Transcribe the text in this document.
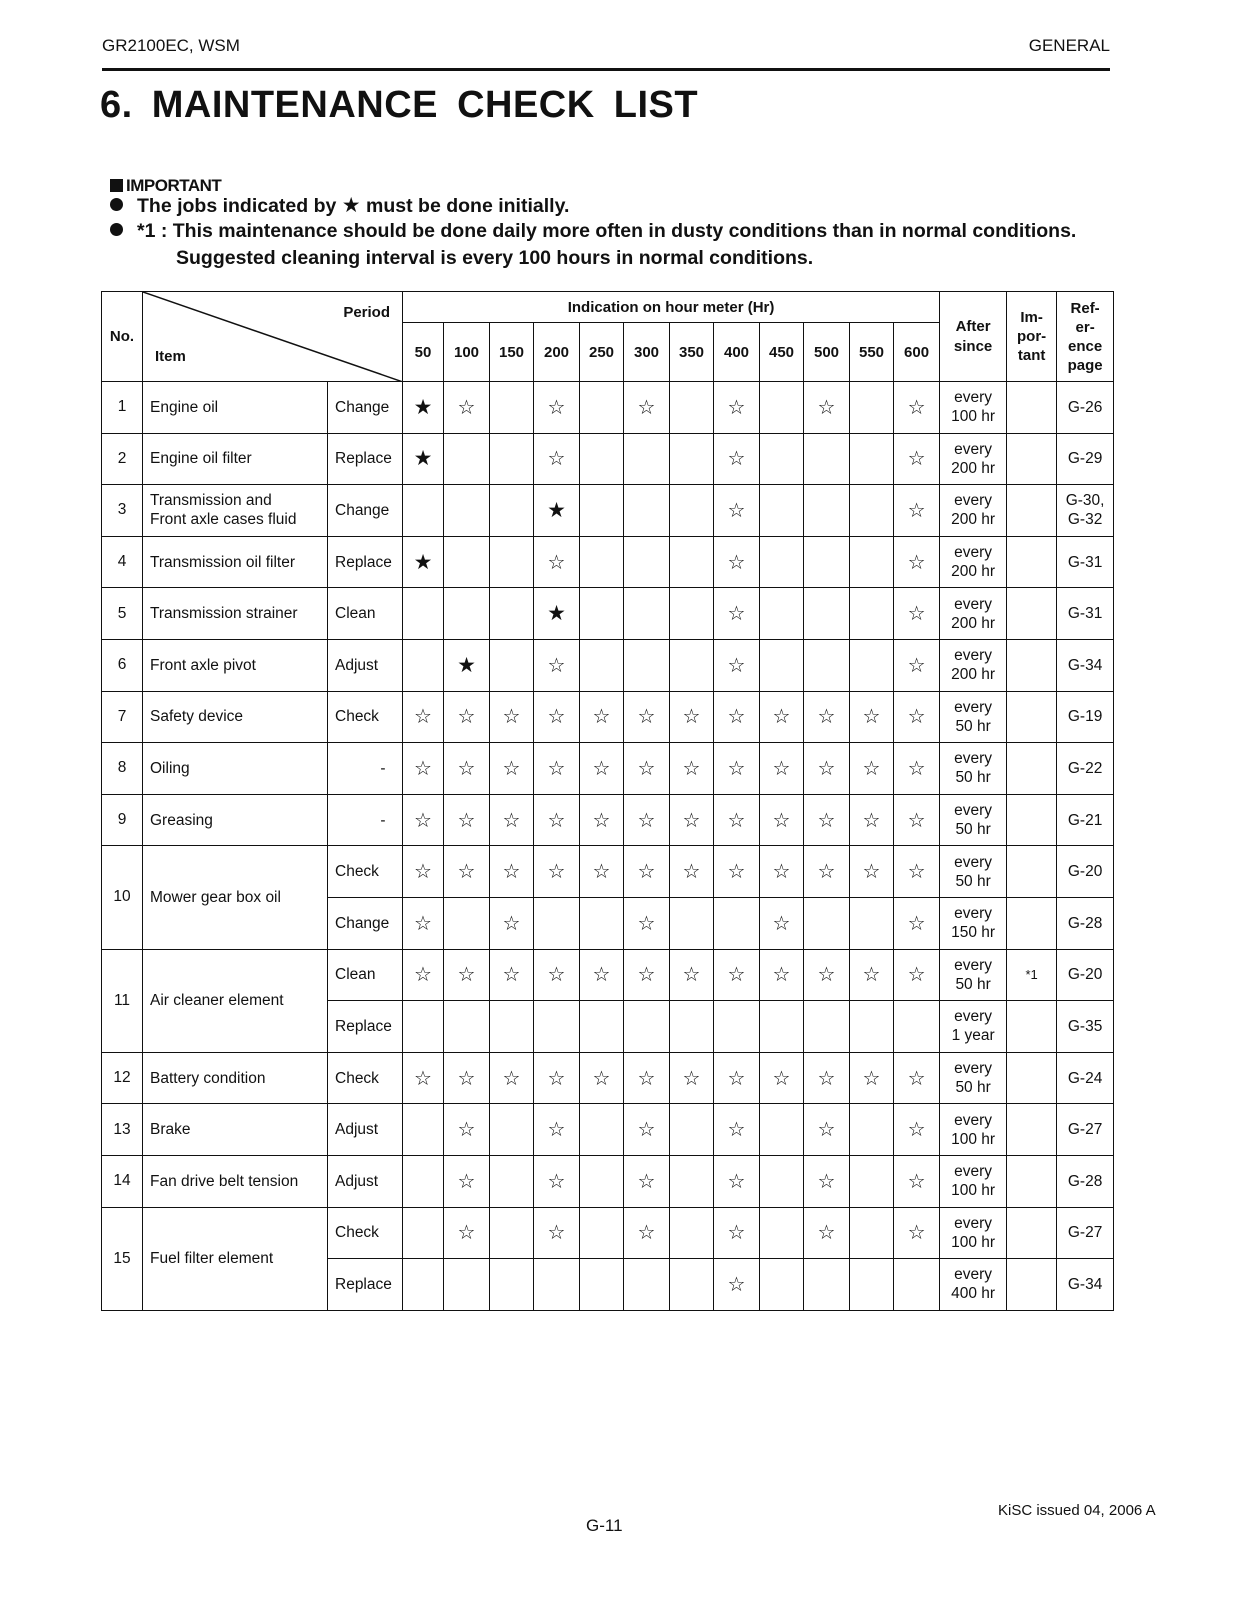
GR2100EC, WSM	GENERAL
6. MAINTENANCE CHECK LIST
IMPORTANT
The jobs indicated by ★ must be done initially.
*1 : This maintenance should be done daily more often in dusty conditions than in normal conditions.
Suggested cleaning interval is every 100 hours in normal conditions.
No.	Period
Item		Indication on hour meter (Hr)												After since	Im-
por-
tant	Ref-
er-
ence
page
			50	100	150	200	250	300	350	400	450	500	550	600			
1	Engine oil	Change	★	☆		☆		☆		☆		☆		☆	every
100 hr		G-26
2	Engine oil filter	Replace	★			☆				☆				☆	every
200 hr		G-29
3	Transmission and
Front axle cases fluid	Change				★				☆				☆	every
200 hr		G-30,
G-32
4	Transmission oil filter	Replace	★			☆				☆				☆	every
200 hr		G-31
5	Transmission strainer	Clean				★				☆				☆	every
200 hr		G-31
6	Front axle pivot	Adjust		★		☆				☆				☆	every
200 hr		G-34
7	Safety device	Check	☆	☆	☆	☆	☆	☆	☆	☆	☆	☆	☆	☆	every
50 hr		G-19
8	Oiling	-	☆	☆	☆	☆	☆	☆	☆	☆	☆	☆	☆	☆	every
50 hr		G-22
9	Greasing	-	☆	☆	☆	☆	☆	☆	☆	☆	☆	☆	☆	☆	every
50 hr		G-21
10	Mower gear box oil	Check	☆	☆	☆	☆	☆	☆	☆	☆	☆	☆	☆	☆	every
50 hr		G-20
		Change	☆		☆			☆			☆			☆	every
150 hr		G-28
11	Air cleaner element	Clean	☆	☆	☆	☆	☆	☆	☆	☆	☆	☆	☆	☆	every
50 hr	*1	G-20
		Replace													every
1 year		G-35
12	Battery condition	Check	☆	☆	☆	☆	☆	☆	☆	☆	☆	☆	☆	☆	every
50 hr		G-24
13	Brake	Adjust		☆		☆		☆		☆		☆		☆	every
100 hr		G-27
14	Fan drive belt tension	Adjust		☆		☆		☆		☆		☆		☆	every
100 hr		G-28
15	Fuel filter element	Check		☆		☆		☆		☆		☆		☆	every
100 hr		G-27
		Replace								☆					every
400 hr		G-34
G-11
KiSC issued 04, 2006 A
